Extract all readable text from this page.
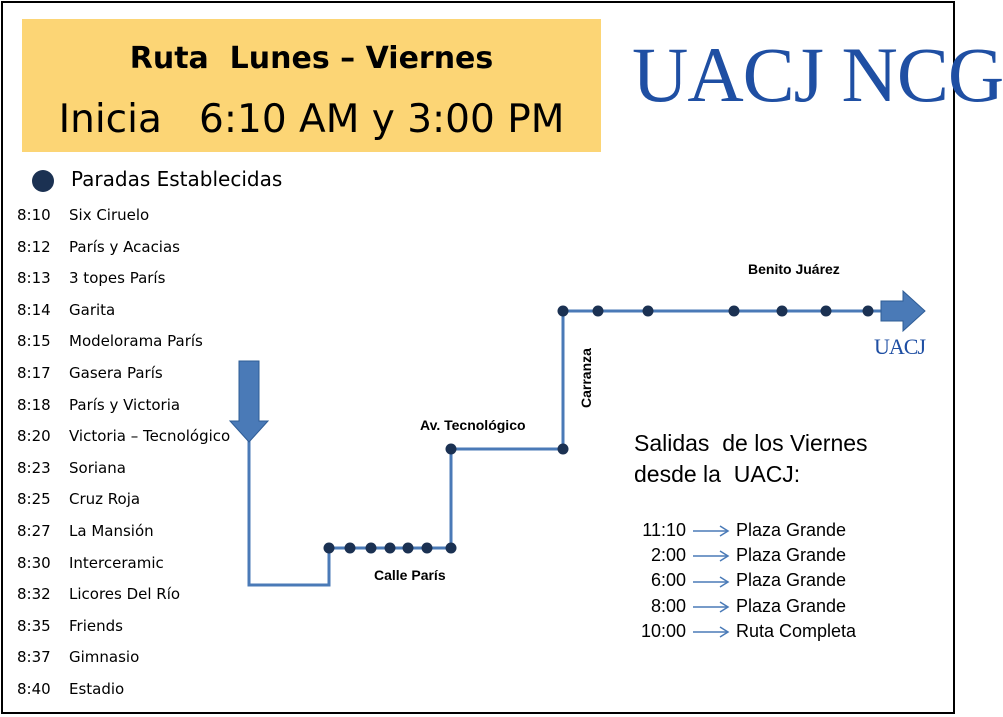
Ruta  Lunes – Viernes
Inicia   6:10 AM y 3:00 PM
UACJ NCG
Paradas Establecidas
8:10 Six Ciruelo
8:12 París y Acacias
8:13 3 topes París
8:14 Garita
8:15 Modelorama París
8:17 Gasera París
8:18 París y Victoria
8:20 Victoria – Tecnológico
8:23 Soriana
8:25 Cruz Roja
8:27 La Mansión
8:30 Interceramic
8:32 Licores Del Río
8:35 Friends
8:37 Gimnasio
8:40 Estadio
Benito Juárez
Av. Tecnológico
Calle París
Carranza
UACJ
Salidas  de los Viernes
desde la  UACJ:
11:10	Plaza Grande
2:00	Plaza Grande
6:00	Plaza Grande
8:00	Plaza Grande
10:00	Ruta Completa
